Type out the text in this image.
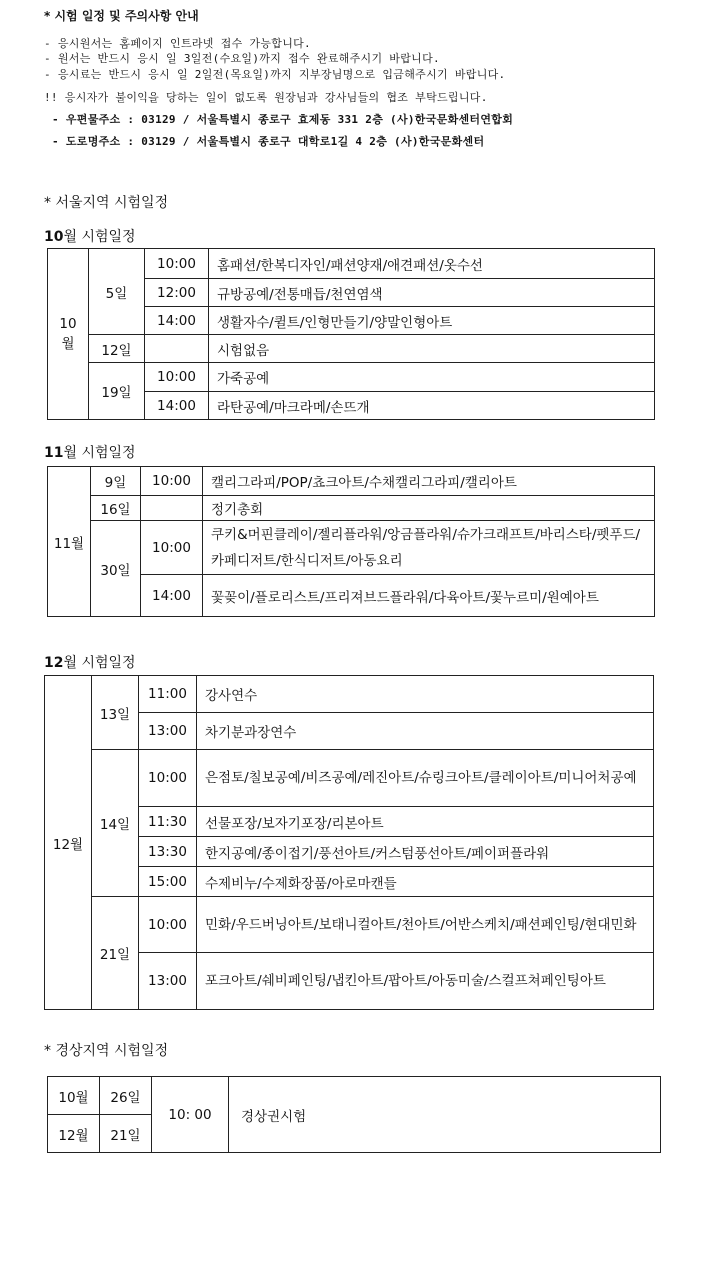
* 시험 일정 및 주의사항 안내
- 응시원서는 홈페이지 인트라넷 접수 가능합니다.
- 원서는 반드시 응시 일 3일전(수요일)까지 접수 완료해주시기 바랍니다.
- 응시료는 반드시 응시 일 2일전(목요일)까지 지부장님명으로 입금해주시기 바랍니다.
!! 응시자가 불이익을 당하는 일이 없도록 원장님과 강사님들의 협조 부탁드립니다.
- 우편물주소 : 03129 / 서울특별시 종로구 효제동 331 2층 (사)한국문화센터연합회
- 도로명주소 : 03129 / 서울특별시 종로구 대학로1길 4 2층 (사)한국문화센터
* 서울지역 시험일정
10월 시험일정
10월	5일	10:00	홈패션/한복디자인/패션양재/애견패션/옷수선
		12:00	규방공예/전통매듭/천연염색
		14:00	생활자수/퀼트/인형만들기/양말인형아트
	12일		시험없음
	19일	10:00	가죽공예
		14:00	라탄공예/마크라메/손뜨개
11월 시험일정
11월	9일	10:00	캘리그라피/POP/쵸크아트/수채캘리그라피/캘리아트
	16일		정기총회
	30일	10:00	쿠키&머핀클레이/젤리플라워/앙금플라워/슈가크래프트/바리스타/펫푸드/카페디저트/한식디저트/아동요리
		14:00	꽃꽂이/플로리스트/프리져브드플라워/다육아트/꽃누르미/원예아트
12월 시험일정
12월	13일	11:00	강사연수
		13:00	차기분과장연수
	14일	10:00	은점토/칠보공예/비즈공예/레진아트/슈링크아트/클레이아트/미니어처공예
		11:30	선물포장/보자기포장/리본아트
		13:30	한지공예/종이접기/풍선아트/커스텀풍선아트/페이퍼플라워
		15:00	수제비누/수제화장품/아로마캔들
	21일	10:00	민화/우드버닝아트/보태니컬아트/천아트/어반스케치/패션페인팅/현대민화
		13:00	포크아트/쉐비페인팅/냅킨아트/팝아트/아동미술/스컬프쳐페인팅아트
* 경상지역 시험일정
10월	26일	10: 00	경상권시험
12월	21일		
